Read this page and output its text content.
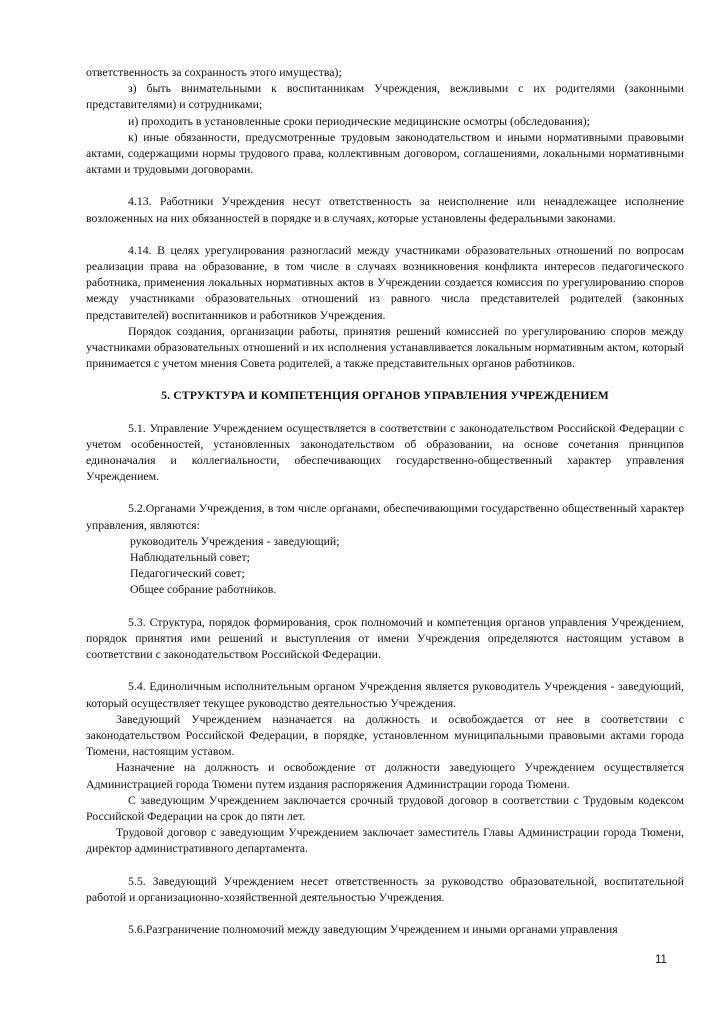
ответственность за сохранность этого имущества);

з) быть внимательными к воспитанникам Учреждения, вежливыми с их родителями (законными представителями) и сотрудниками;

и) проходить в установленные сроки периодические медицинские осмотры (обследования);

к) иные обязанности, предусмотренные трудовым законодательством и иными нормативными правовыми актами, содержащими нормы трудового права, коллективным договором, соглашениями, локальными нормативными актами и трудовыми договорами.

4.13. Работники Учреждения несут ответственность за неисполнение или ненадлежащее исполнение возложенных на них обязанностей в порядке и в случаях, которые установлены федеральными законами.

4.14. В целях урегулирования разногласий между участниками образовательных отношений по вопросам реализации права на образование, в том числе в случаях возникновения конфликта интересов педагогического работника, применения локальных нормативных актов в Учреждении создается комиссия по урегулированию споров между участниками образовательных отношений из равного числа представителей родителей (законных представителей) воспитанников и работников Учреждения.

Порядок создания, организации работы, принятия решений комиссией по урегулированию споров между участниками образовательных отношений и их исполнения устанавливается локальным нормативным актом, который принимается с учетом мнения Совета родителей, а также представительных органов работников.

5. СТРУКТУРА И КОМПЕТЕНЦИЯ ОРГАНОВ УПРАВЛЕНИЯ УЧРЕЖДЕНИЕМ

5.1. Управление Учреждением осуществляется в соответствии с законодательством Российской Федерации с учетом особенностей, установленных законодательством об образовании, на основе сочетания принципов единоначалия и коллегиальности, обеспечивающих государственно-общественный характер управления Учреждением.

5.2.Органами Учреждения, в том числе органами, обеспечивающими государственно общественный характер управления, являются:

руководитель Учреждения - заведующий;
Наблюдательный совет;
Педагогический совет;
Общее собрание работников.

5.3. Структура, порядок формирования, срок полномочий и компетенция органов управления Учреждением, порядок принятия ими решений и выступления от имени Учреждения определяются настоящим уставом в соответствии с законодательством Российской Федерации.

5.4. Единоличным исполнительным органом Учреждения является руководитель Учреждения - заведующий, который осуществляет текущее руководство деятельностью Учреждения.

Заведующий Учреждением назначается на должность и освобождается от нее в соответствии с законодательством Российской Федерации, в порядке, установленном муниципальными правовыми актами города Тюмени, настоящим уставом.

Назначение на должность и освобождение от должности заведующего Учреждением осуществляется Администрацией города Тюмени путем издания распоряжения Администрации города Тюмени.

С заведующим Учреждением заключается срочный трудовой договор в соответствии с Трудовым кодексом Российской Федерации на срок до пяти лет.

Трудовой договор с заведующим Учреждением заключает заместитель Главы Администрации города Тюмени, директор административного департамента.

5.5. Заведующий Учреждением несет ответственность за руководство образовательной, воспитательной работой и организационно-хозяйственной деятельностью Учреждения.

5.6.Разграничение полномочий между заведующим Учреждением и иными органами управления

11
